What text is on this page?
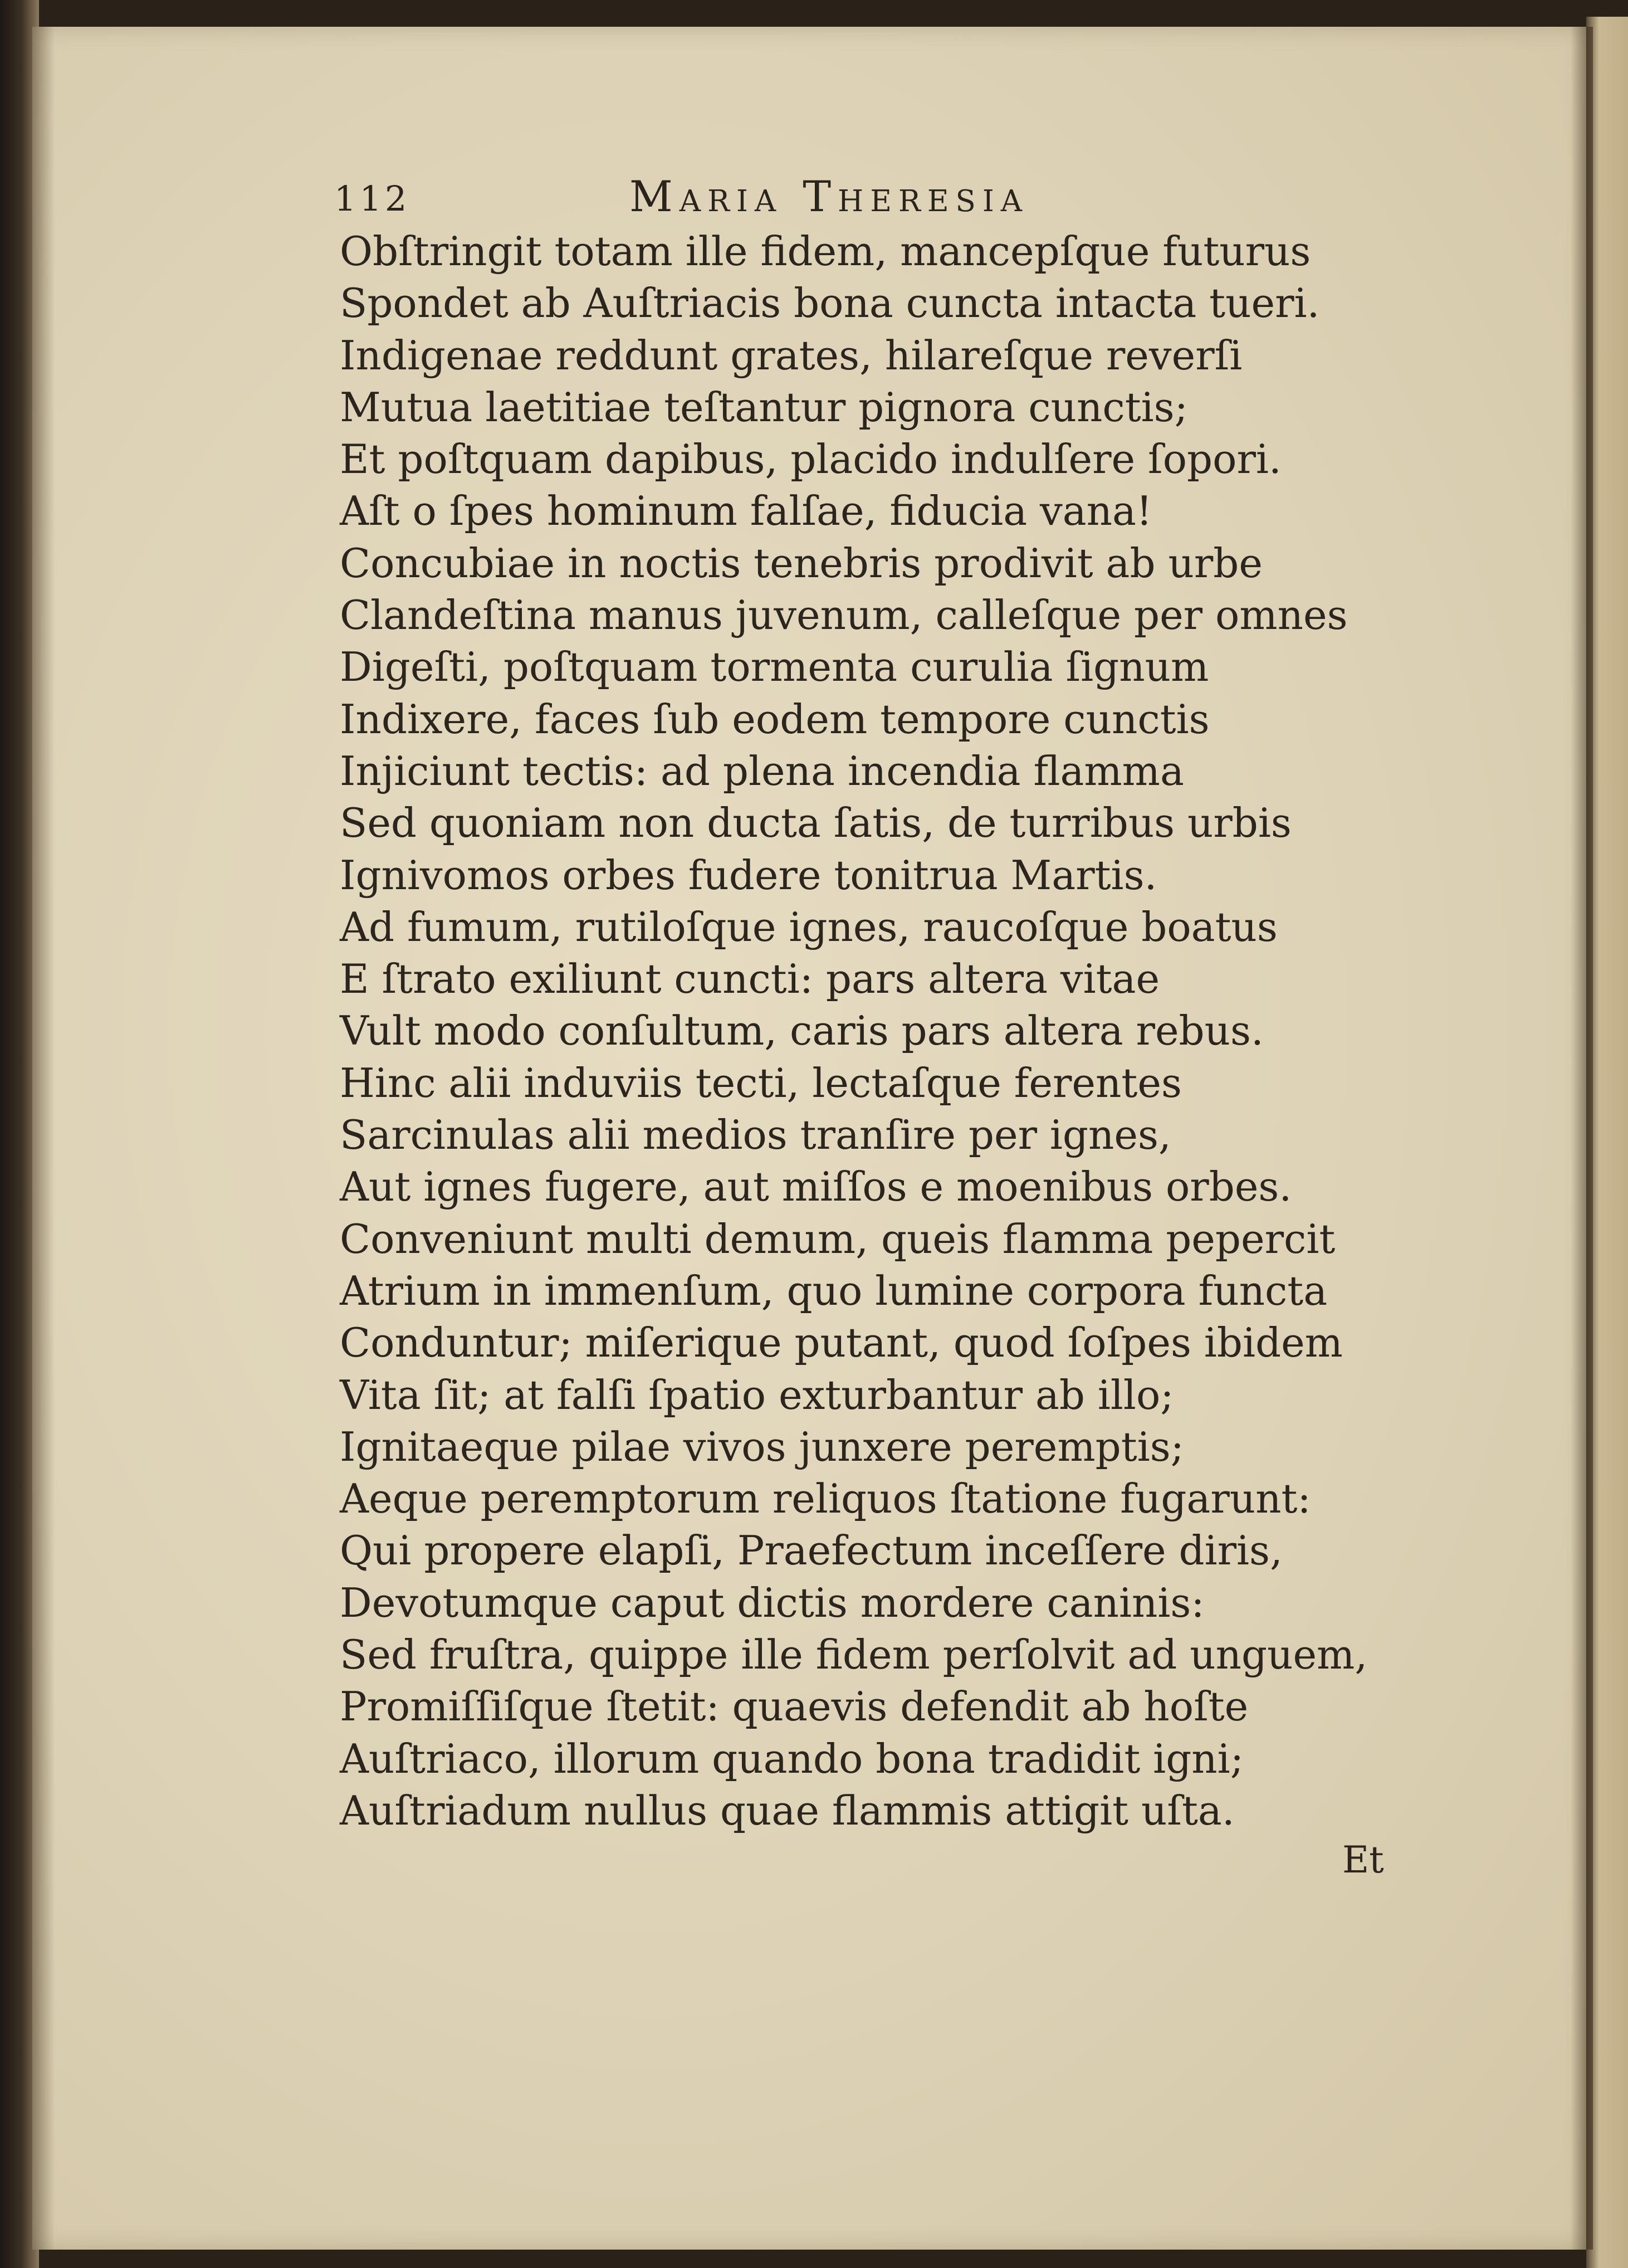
112	Maria Theresia
Obſtringit totam ille fidem, mancepſque futurus
Spondet ab Auſtriacis bona cuncta intacta tueri.
Indigenae reddunt grates, hilareſque reverſi
Mutua laetitiae teſtantur pignora cunctis;
Et poſtquam dapibus, placido indulſere ſopori.
Aſt o ſpes hominum falſae, fiducia vana!
Concubiae in noctis tenebris prodivit ab urbe
Clandeſtina manus juvenum, calleſque per omnes
Digeſti, poſtquam tormenta curulia ſignum
Indixere, faces ſub eodem tempore cunctis
Injiciunt tectis: ad plena incendia flamma
Sed quoniam non ducta ſatis, de turribus urbis
Ignivomos orbes fudere tonitrua Martis.
Ad fumum, rutiloſque ignes, raucoſque boatus
E ſtrato exiliunt cuncti: pars altera vitae
Vult modo conſultum, caris pars altera rebus.
Hinc alii induviis tecti, lectaſque ferentes
Sarcinulas alii medios tranſire per ignes,
Aut ignes fugere, aut miſſos e moenibus orbes.
Conveniunt multi demum, queis flamma pepercit
Atrium in immenſum, quo lumine corpora functa
Conduntur; miſerique putant, quod ſoſpes ibidem
Vita ſit; at falſi ſpatio exturbantur ab illo;
Ignitaeque pilae vivos junxere peremptis;
Aeque peremptorum reliquos ſtatione fugarunt:
Qui propere elapſi, Praefectum inceſſere diris,
Devotumque caput dictis mordere caninis:
Sed fruſtra, quippe ille fidem perſolvit ad unguem,
Promiſſiſque ſtetit: quaevis defendit ab hoſte
Auſtriaco, illorum quando bona tradidit igni;
Auſtriadum nullus quae flammis attigit uſta.
Et
